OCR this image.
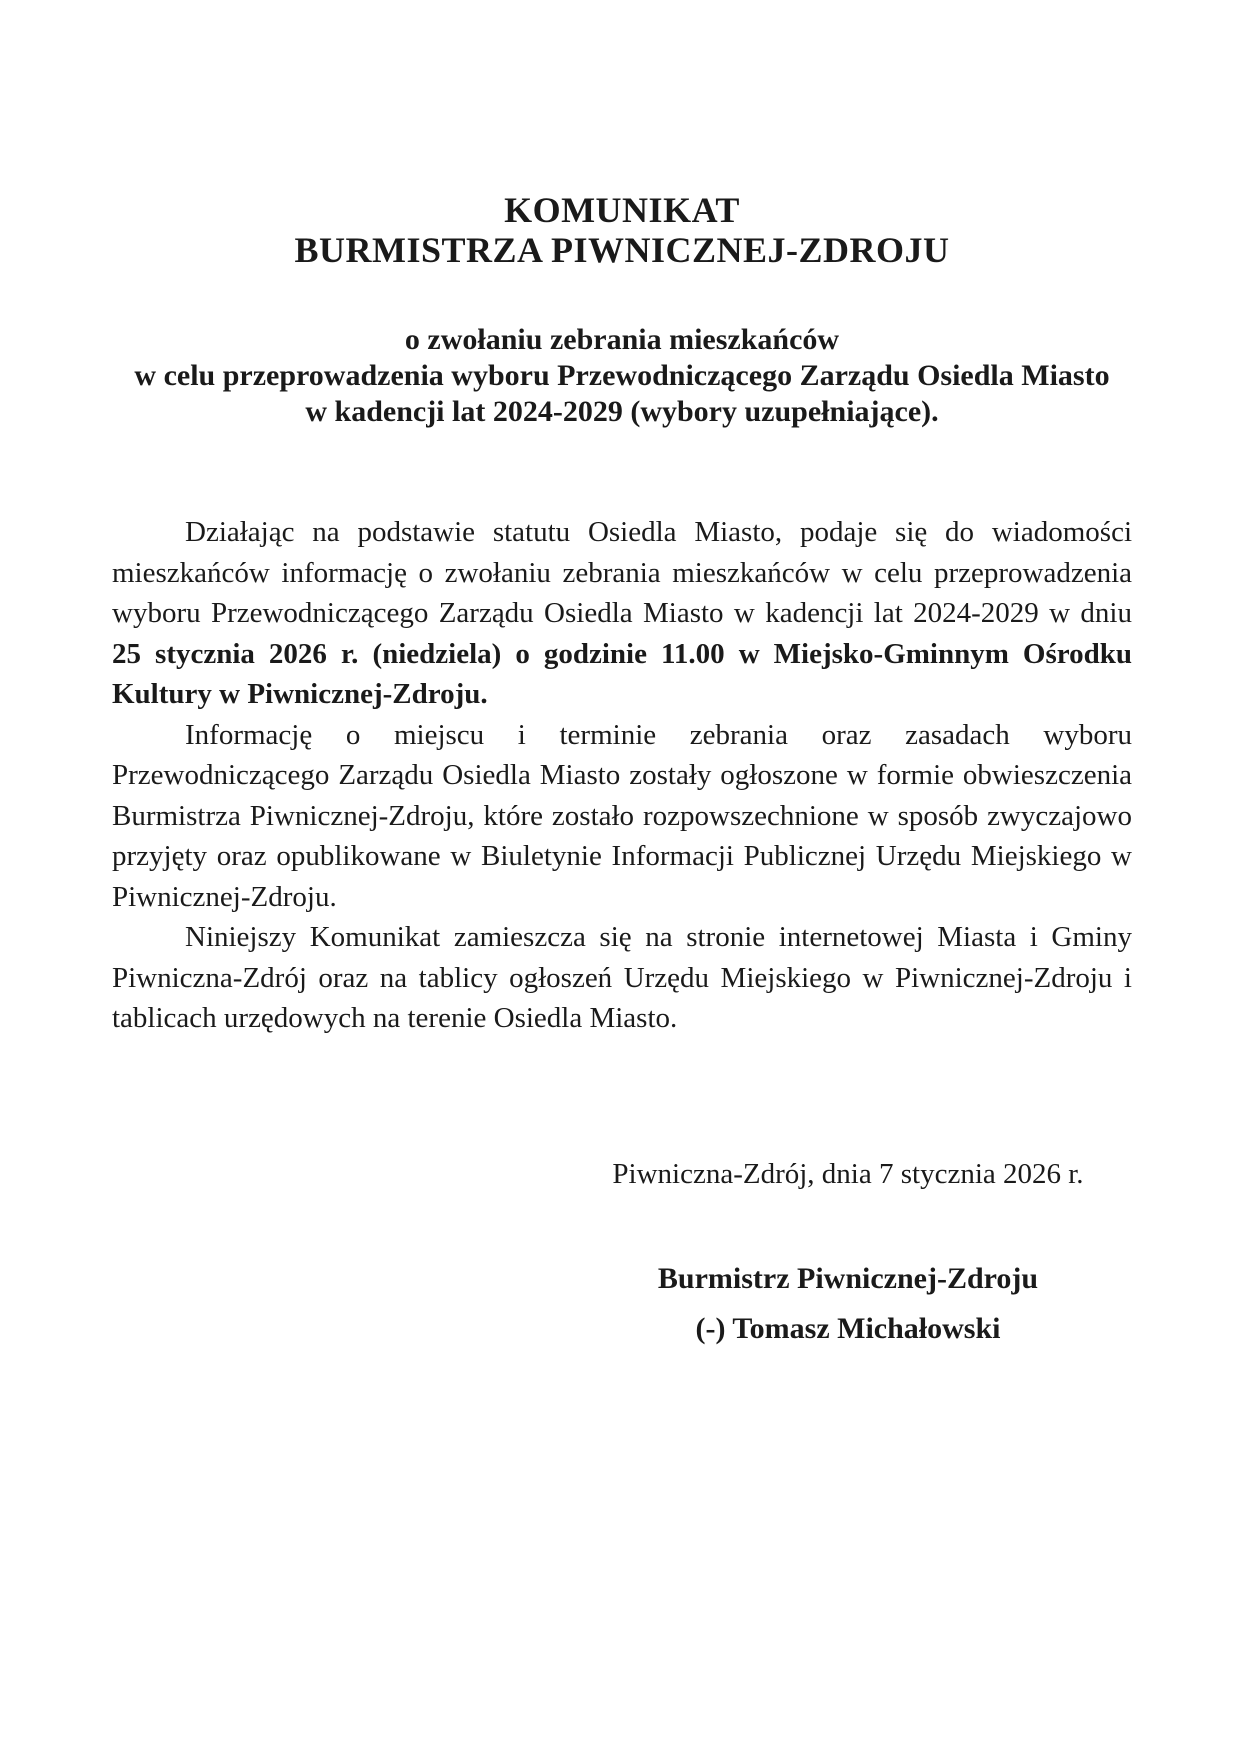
KOMUNIKAT
BURMISTRZA PIWNICZNEJ-ZDROJU
o zwołaniu zebrania mieszkańców
w celu przeprowadzenia wyboru Przewodniczącego Zarządu Osiedla Miasto
w kadencji lat 2024-2029 (wybory uzupełniające).

Działając na podstawie statutu Osiedla Miasto, podaje się do wiadomości mieszkańców informację o zwołaniu zebrania mieszkańców w celu przeprowadzenia wyboru Przewodniczącego Zarządu Osiedla Miasto w kadencji lat 2024-2029 w dniu 25 stycznia 2026 r. (niedziela) o godzinie 11.00 w Miejsko-Gminnym Ośrodku Kultury w Piwnicznej-Zdroju.

Informację o miejscu i terminie zebrania oraz zasadach wyboru Przewodniczącego Zarządu Osiedla Miasto zostały ogłoszone w formie obwieszczenia Burmistrza Piwnicznej-Zdroju, które zostało rozpowszechnione w sposób zwyczajowo przyjęty oraz opublikowane w Biuletynie Informacji Publicznej Urzędu Miejskiego w Piwnicznej-Zdroju.

Niniejszy Komunikat zamieszcza się na stronie internetowej Miasta i Gminy Piwniczna-Zdrój oraz na tablicy ogłoszeń Urzędu Miejskiego w Piwnicznej-Zdroju i tablicach urzędowych na terenie Osiedla Miasto.

Piwniczna-Zdrój, dnia 7 stycznia 2026 r.
Burmistrz Piwnicznej-Zdroju
(-) Tomasz Michałowski
